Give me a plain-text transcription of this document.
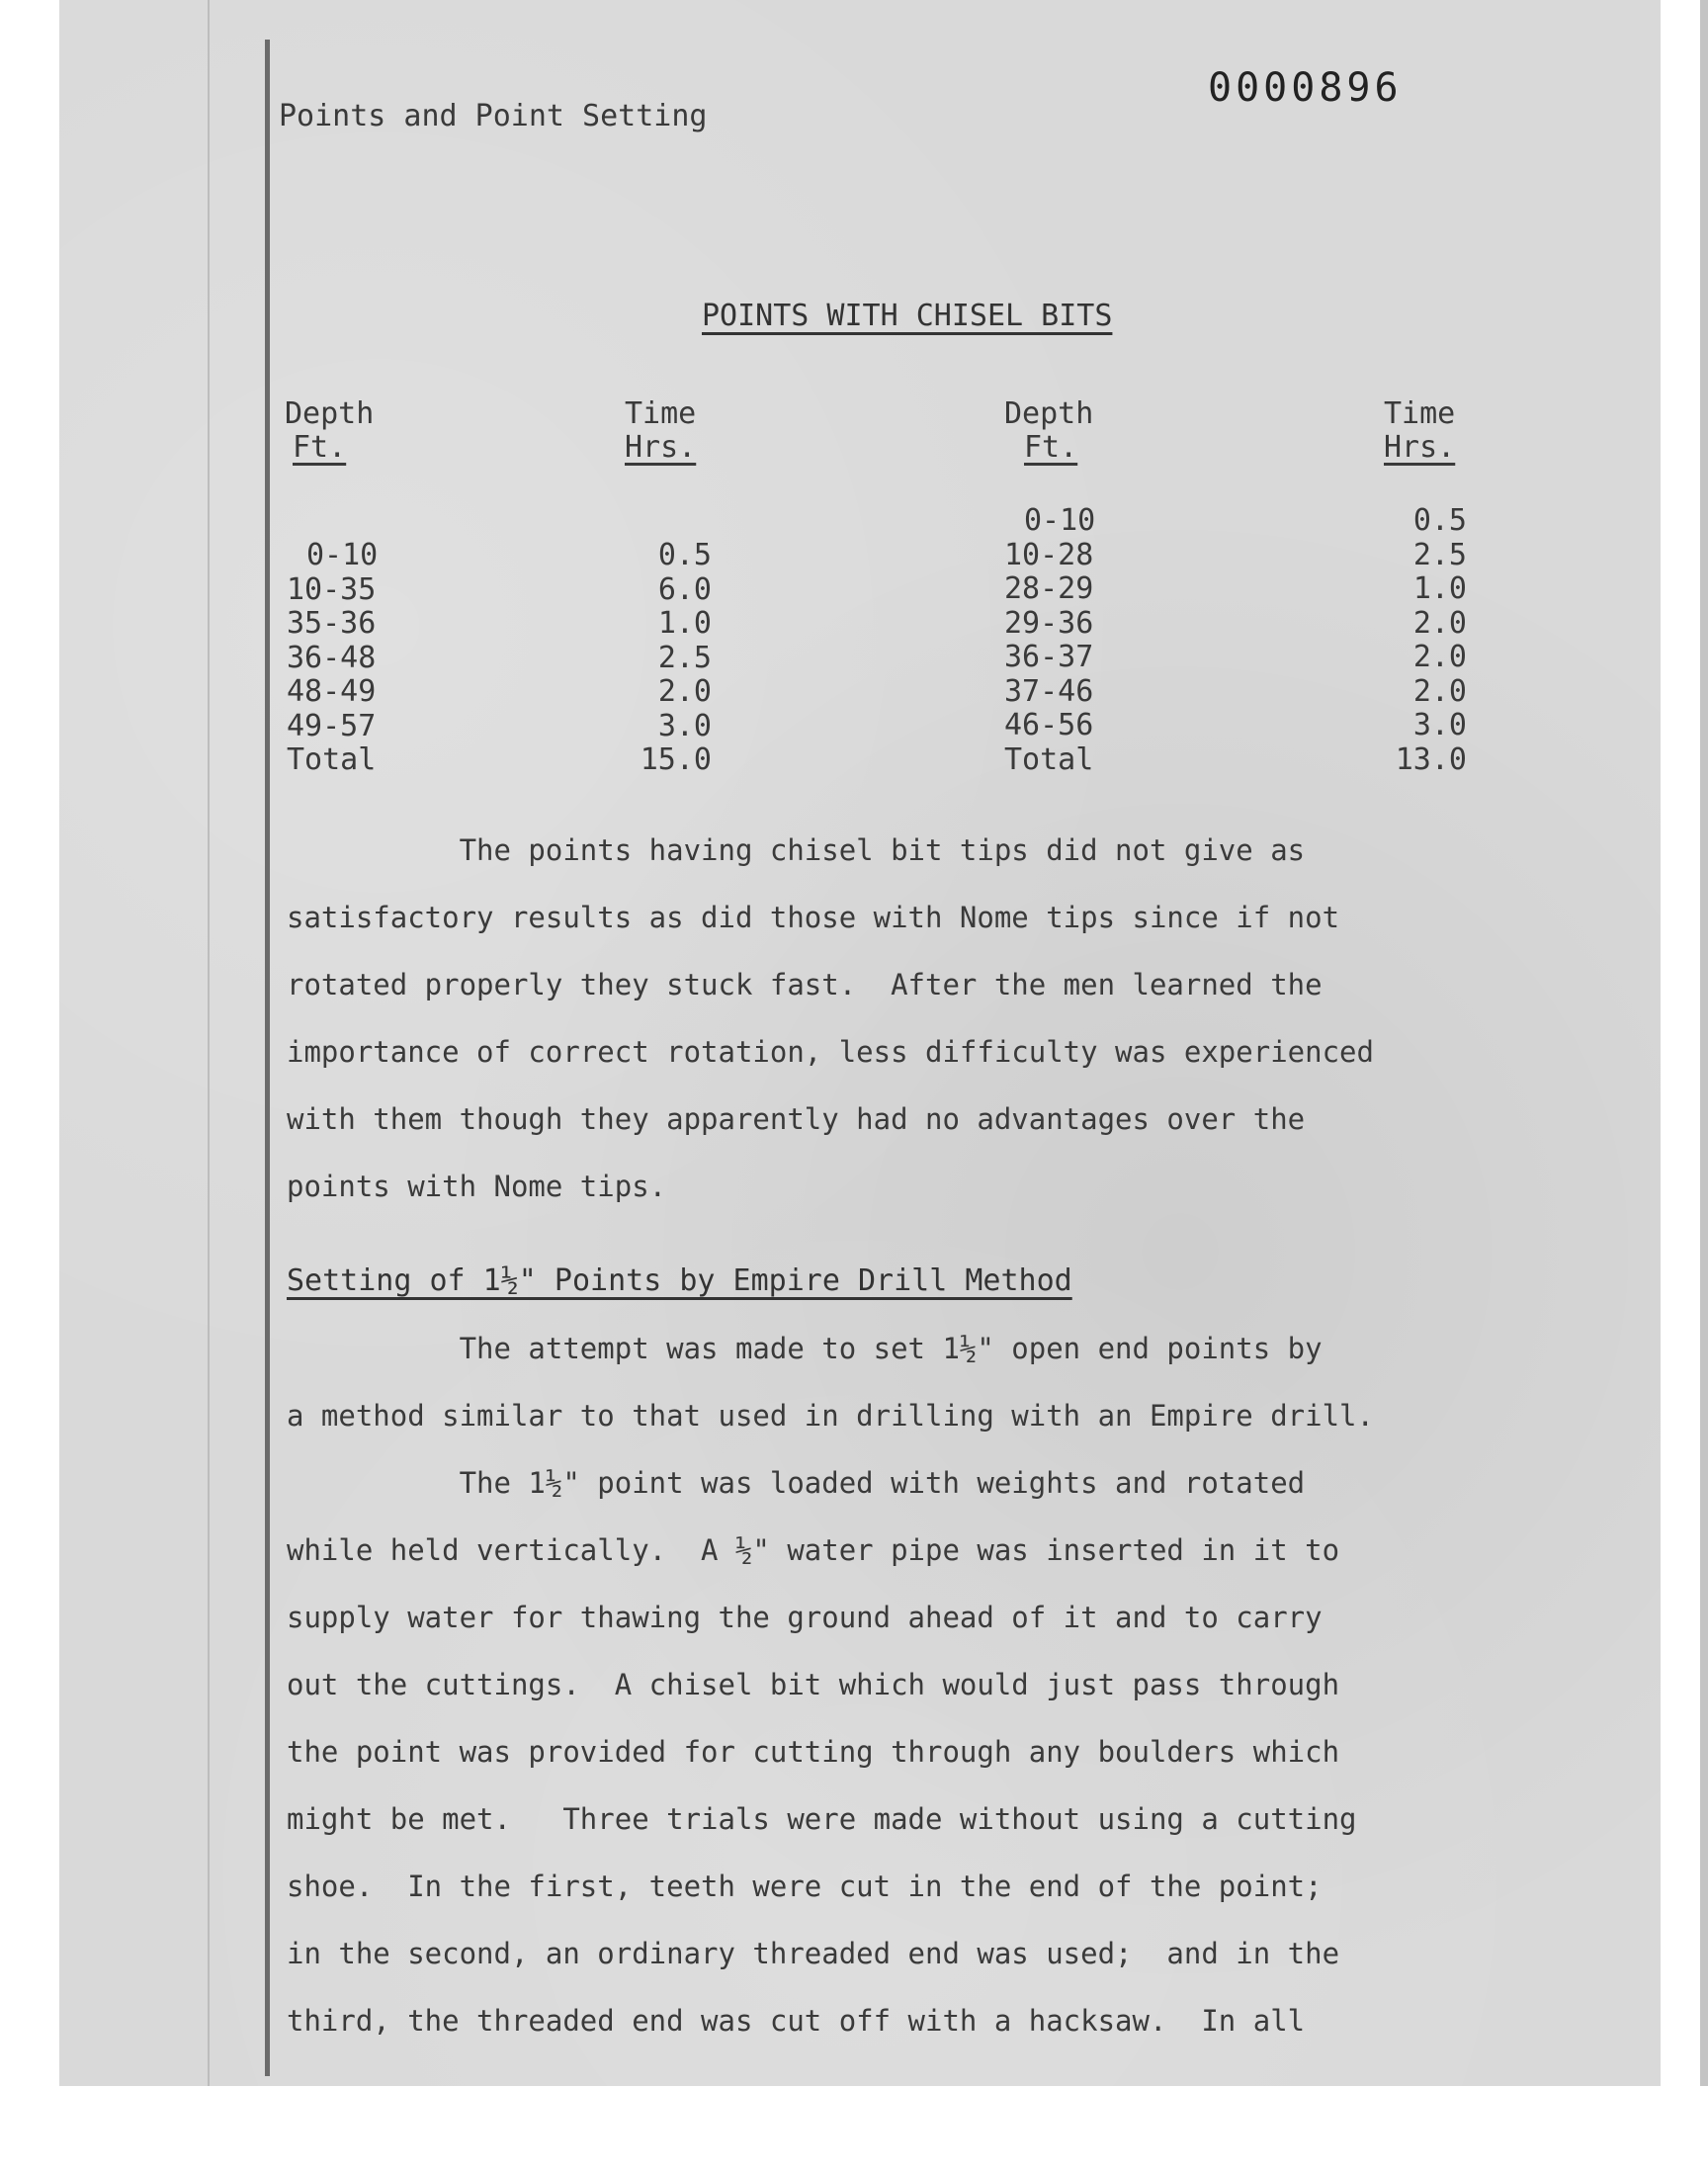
0000896
Points and Point Setting
POINTS WITH CHISEL BITS
Depth
Ft.
Time
Hrs.
0-10
10-35
35-36
36-48
48-49
49-57
Total
0.5
6.0
1.0
2.5
2.0
3.0
15.0
Depth
Ft.
Time
Hrs.
0-10
10-28
28-29
29-36
36-37
37-46
46-56
Total
0.5
2.5
1.0
2.0
2.0
2.0
3.0
13.0
The points having chisel bit tips did not give as
satisfactory results as did those with Nome tips since if not
rotated properly they stuck fast.  After the men learned the
importance of correct rotation, less difficulty was experienced
with them though they apparently had no advantages over the
points with Nome tips.
Setting of 1½" Points by Empire Drill Method
The attempt was made to set 1½" open end points by
a method similar to that used in drilling with an Empire drill.
The 1½" point was loaded with weights and rotated
while held vertically.  A ½" water pipe was inserted in it to
supply water for thawing the ground ahead of it and to carry
out the cuttings.  A chisel bit which would just pass through
the point was provided for cutting through any boulders which
might be met.   Three trials were made without using a cutting
shoe.  In the first, teeth were cut in the end of the point;
in the second, an ordinary threaded end was used;  and in the
third, the threaded end was cut off with a hacksaw.  In all
